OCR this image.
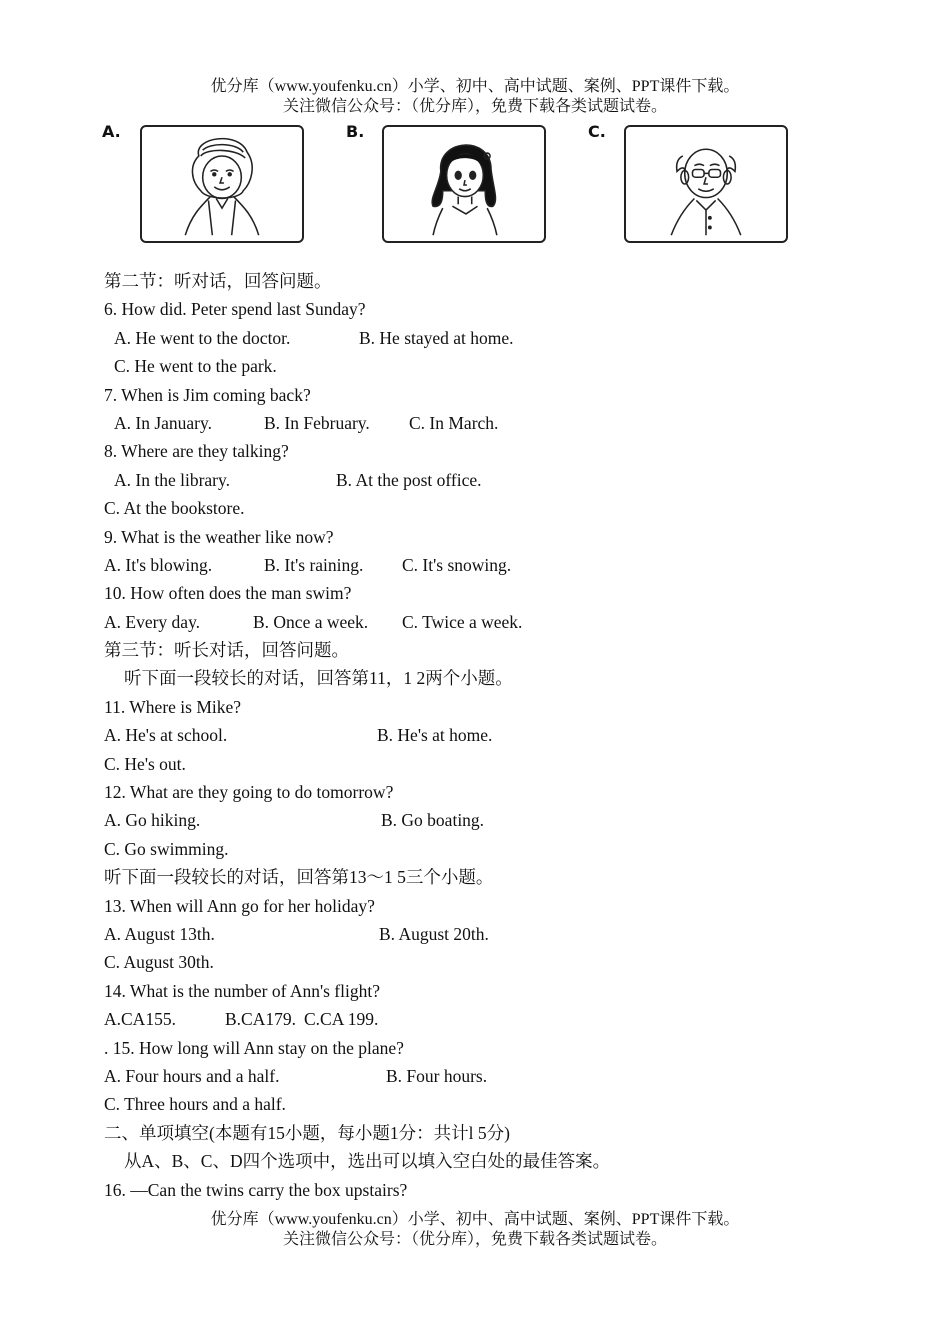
优分库（www.youfenku.cn）小学、初中、高中试题、案例、PPT课件下载。
关注微信公众号：（优分库），免费下载各类试题试卷。
A.	B.	C.
第二节：听对话，回答问题。
6. How did. Peter spend last Sunday?
A. He went to the doctor.	B. He stayed at home.
C. He went to the park.
7. When is Jim coming back?
A. In January.	B. In February. C. In March.
8. Where are they talking?
A. In the library.	B. At the post office.
C. At the bookstore.
9. What is the weather like now?
A. It's blowing.	B. It's raining. C. It's snowing.
10. How often does the man swim?
A. Every day.	B. Once a week. C. Twice a week.
第三节：听长对话，回答问题。
听下面一段较长的对话，回答第11，1 2两个小题。
11. Where is Mike?
A. He's at school.	B. He's at home.
C. He's out.
12. What are they going to do tomorrow?
A. Go hiking.	B. Go boating.
C. Go swimming.
听下面一段较长的对话，回答第13～1 5三个小题。
13. When will Ann go for her holiday?
A. August 13th.	B. August 20th.
C. August 30th.
14. What is the number of Ann's flight?
A.CA155.	B.CA179. C.CA 199.
. 15. How long will Ann stay on the plane?
A. Four hours and a half.	B. Four hours.
C. Three hours and a half.
二、单项填空(本题有15小题，每小题1分：共计l 5分)
从A、B、C、D四个选项中，选出可以填入空白处的最佳答案。
16. —Can the twins carry the box upstairs?
优分库（www.youfenku.cn）小学、初中、高中试题、案例、PPT课件下载。
关注微信公众号：（优分库），免费下载各类试题试卷。
